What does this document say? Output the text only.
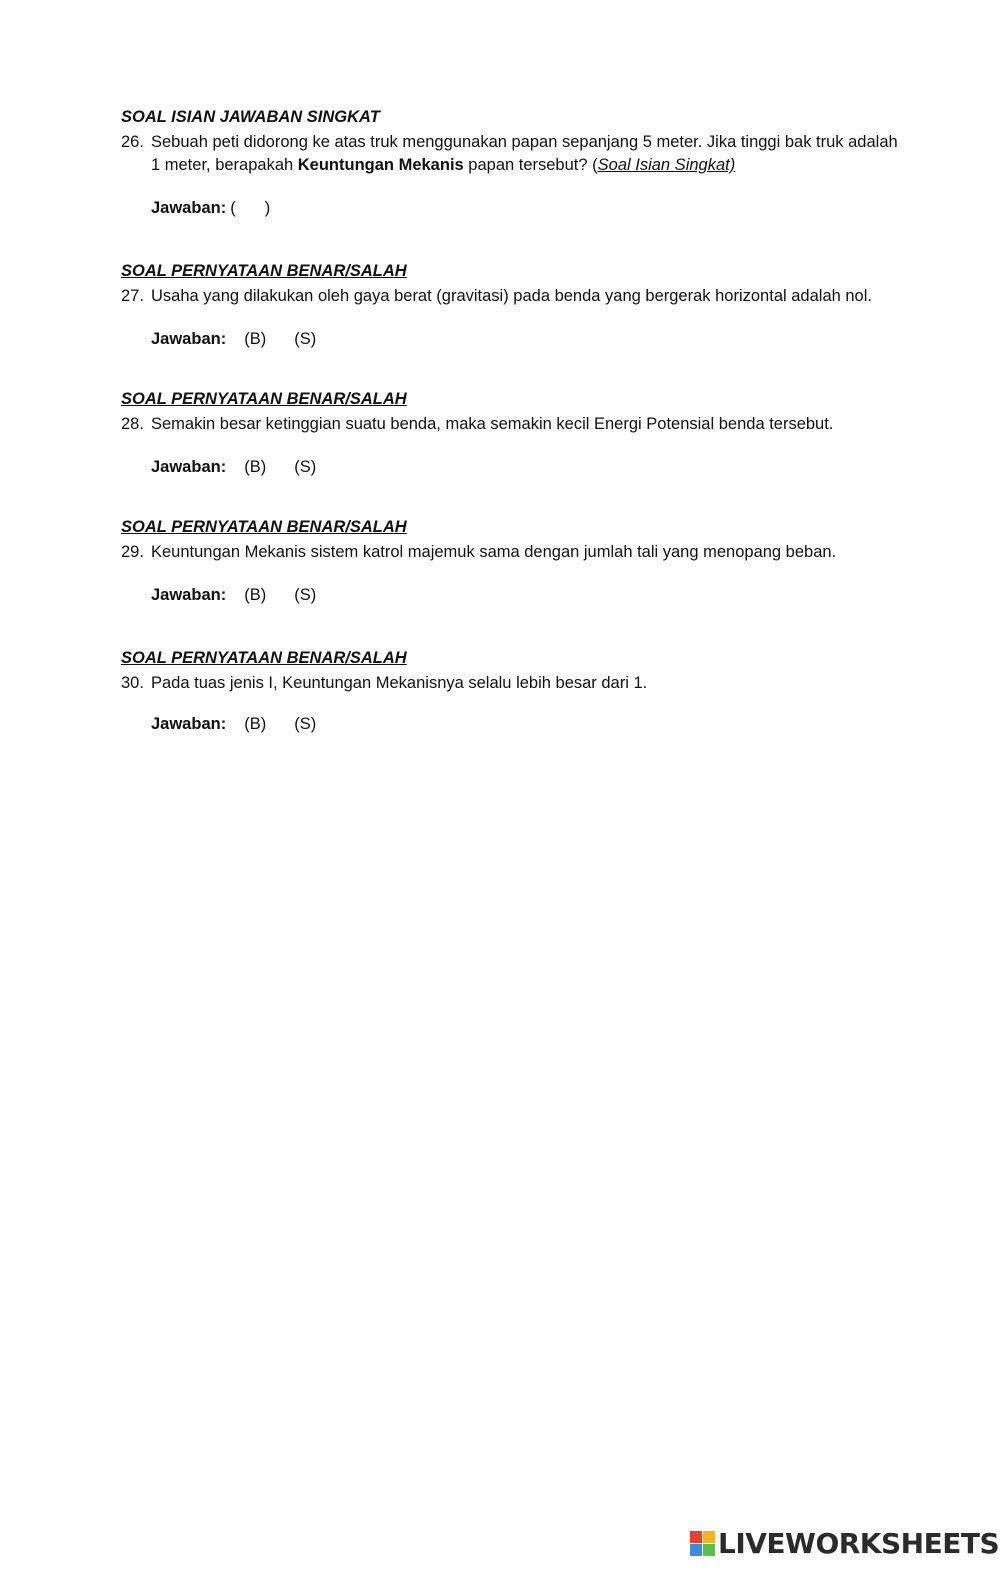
SOAL ISIAN JAWABAN SINGKAT
26. Sebuah peti didorong ke atas truk menggunakan papan sepanjang 5 meter. Jika tinggi bak truk adalah 1 meter, berapakah Keuntungan Mekanis papan tersebut? (Soal Isian Singkat)
Jawaban: ( )
SOAL PERNYATAAN BENAR/SALAH
27. Usaha yang dilakukan oleh gaya berat (gravitasi) pada benda yang bergerak horizontal adalah nol.
Jawaban: (B) (S)
SOAL PERNYATAAN BENAR/SALAH
28. Semakin besar ketinggian suatu benda, maka semakin kecil Energi Potensial benda tersebut.
Jawaban: (B) (S)
SOAL PERNYATAAN BENAR/SALAH
29. Keuntungan Mekanis sistem katrol majemuk sama dengan jumlah tali yang menopang beban.
Jawaban: (B) (S)
SOAL PERNYATAAN BENAR/SALAH
30. Pada tuas jenis I, Keuntungan Mekanisnya selalu lebih besar dari 1.
Jawaban: (B) (S)
LIVEWORKSHEETS
